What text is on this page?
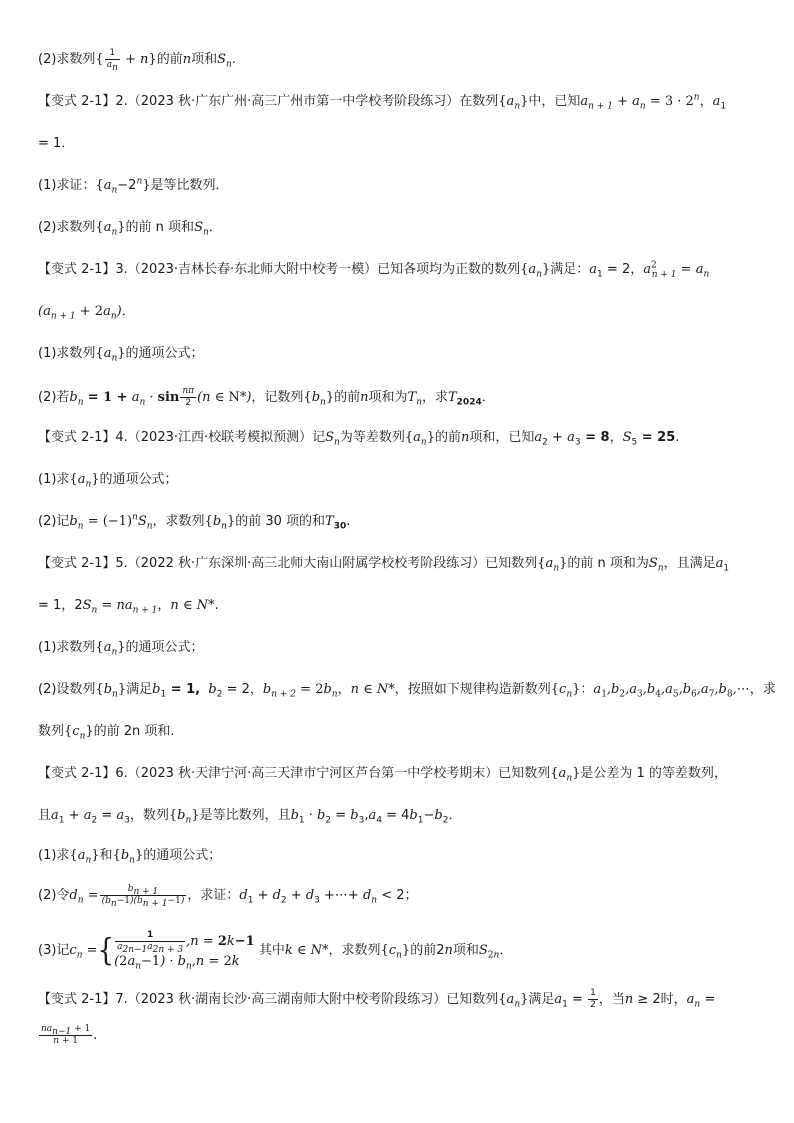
(2)求数列{ $\frac{1}{a_n} + n$}的前n项和$S_n$.
【变式 2-1】2.（2023 秋·广东广州·高三广州市第一中学校考阶段练习）在数列$\{a_n\}$中，已知$a_{n + 1} + a_n = 3 \cdot 2^n$，$a_1$
= 1．
(1)求证：$\{a_n-2^n\}$是等比数列．
(2)求数列$\{a_n\}$的前 n 项和$S_n$．
【变式 2-1】3.（2023·吉林长春·东北师大附中校考一模）已知各项均为正数的数列$\{a_n\}$满足：$a_1 = 2$，$a^2_{n + 1} = a_n$
$(a_{n + 1} + 2a_n)$．
(1)求数列$\{a_n\}$的通项公式；
(2)若$b_n = 1 + a_n \cdot \sin \frac{n\pi}{2} (n$ ∈ N*)，记数列$\{b_n\}$的前n项和为$T_n$，求$T_{2024}$．
【变式 2-1】4.（2023·江西·校联考模拟预测）记$S_n$为等差数列$\{a_n\}$的前n项和，已知$a_2 + a_3 = 8$，$S_5 = 25$.
(1)求$\{a_n\}$的通项公式；
(2)记$b_n = (-1)^nS_n$，求数列$\{b_n\}$的前 30 项的和$T_{30}$.
【变式 2-1】5.（2022 秋·广东深圳·高三北师大南山附属学校校考阶段练习）已知数列$\{a_n\}$的前 n 项和为$S_n$，且满足$a_1$
= 1，$2S_n = na_{n + 1}$，n ∈ N*.
(1)求数列$\{a_n\}$的通项公式；
(2)设数列$\{b_n\}$满足$b_1 = 1$, $b_2 = 2$，$b_{n + 2} = 2b_n$，n ∈ N*，按照如下规律构造新数列$\{c_n\}$：$a_1,b_2,a_3,b_4,a_5,b_6,a_7,b_8,\cdots$，求
数列$\{c_n\}$的前 2n 项和.
【变式 2-1】6.（2023 秋·天津宁河·高三天津市宁河区芦台第一中学校考期末）已知数列$\{a_n\}$是公差为 1 的等差数列，
且$a_1 + a_2 = a_3$，数列$\{b_n\}$是等比数列，且$b_1 \cdot b_2 = b_3,a_4 = 4b_1-b_2$．
(1)求$\{a_n\}$和$\{b_n\}$的通项公式；
(2)令$d_n = \frac{b_{n + 1}}{(b_n-1)(b_{n + 1}-1)}$ ，求证：$d_1 + d_2 + d_3$ +⋯+ $d_n < 2$；
(3)记$c_n$ ={ $\frac{1}{a_{2n-1}a_{2n + 3}} ,n = 2k-1$
$(2a_n-1) \cdot b_n,n = 2k$
其中k ∈ N*，求数列$\{c_n\}$的前2n项和$S_{2n}$．
【变式 2-1】7.（2023 秋·湖南长沙·高三湖南师大附中校考阶段练习）已知数列$\{a_n\}$满足$a_1 = \frac{1}{2}$ ，当n ≥ 2时，$a_n$ =
$\frac{na_{n-1} + 1}{n + 1}$ .
